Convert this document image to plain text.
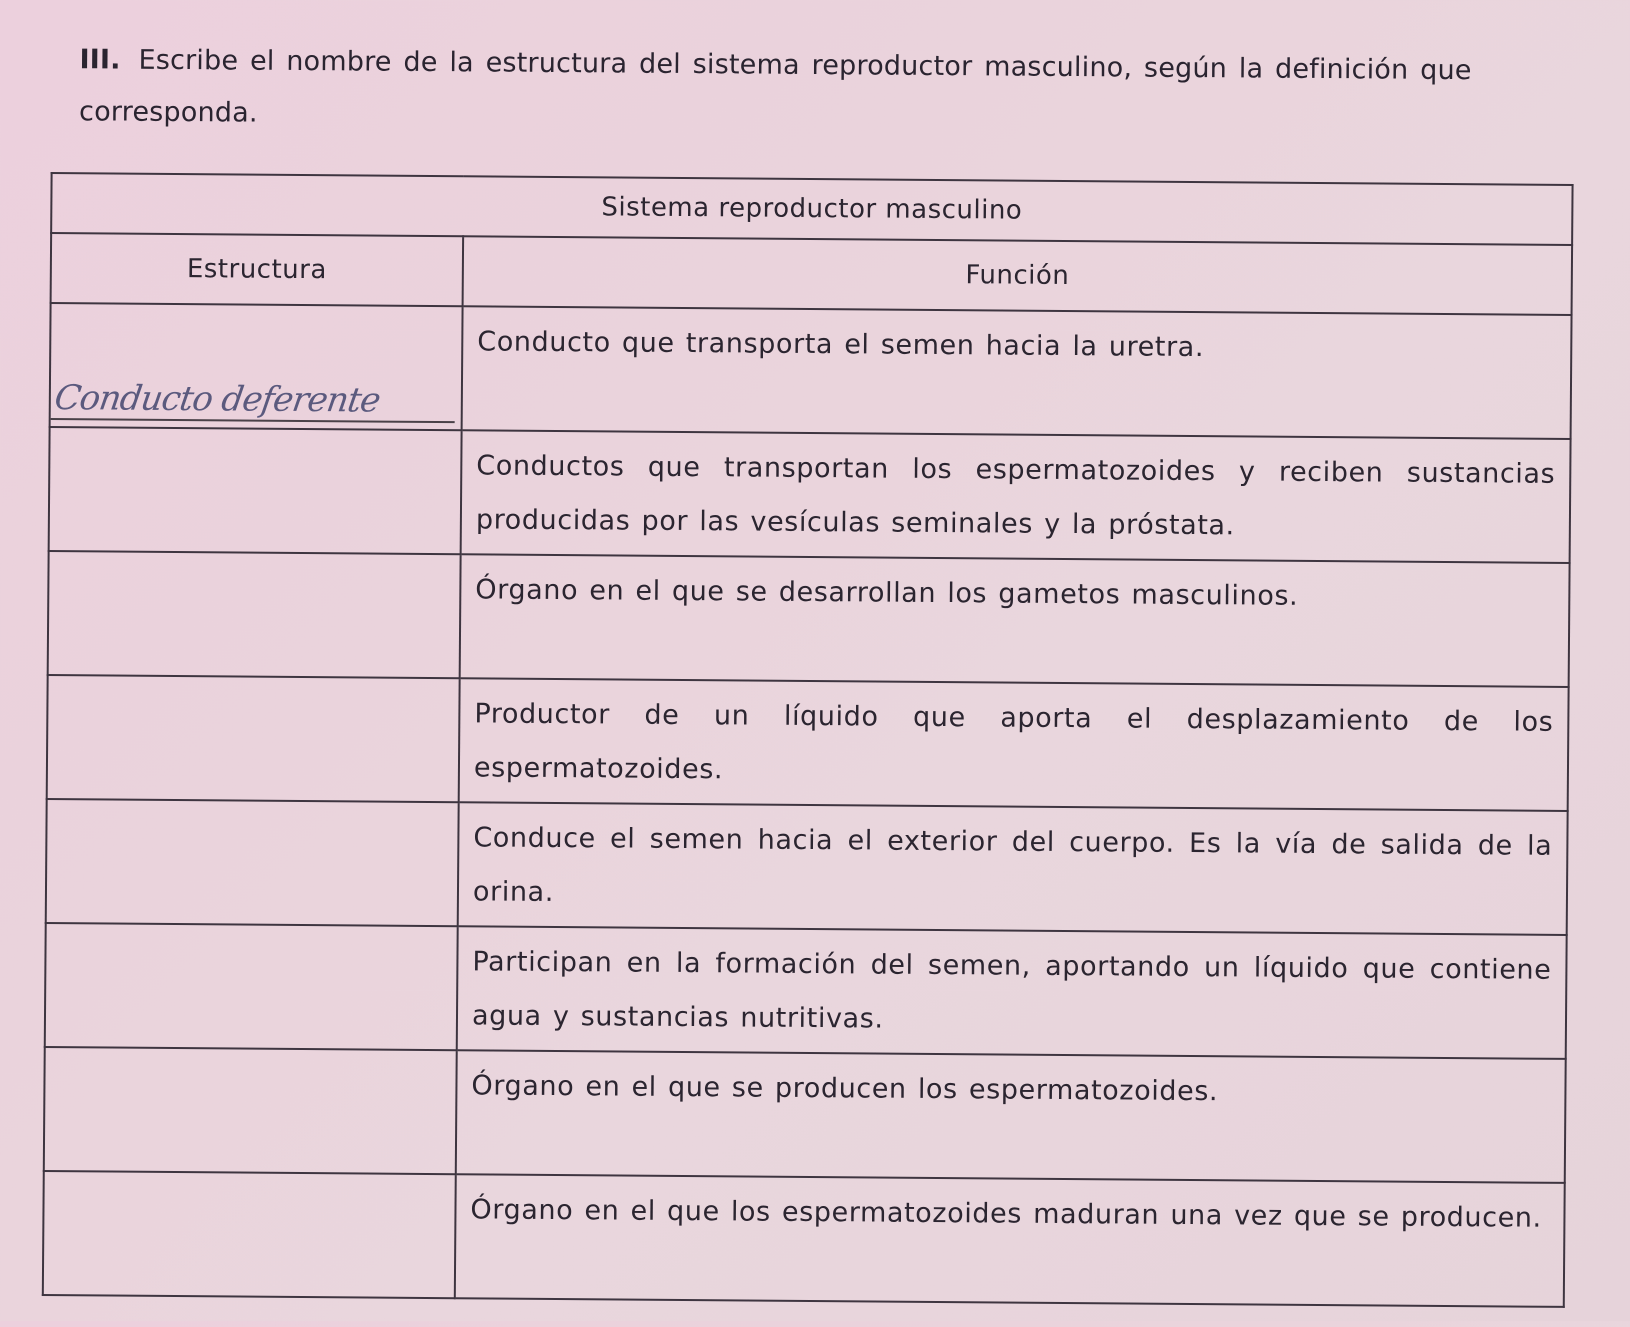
III. Escribe el nombre de la estructura del sistema reproductor masculino, según la definición que corresponda.
Sistema reproductor masculino	
Estructura	Función

Conducto deferente	Conducto que transporta el semen hacia la uretra.

	Conductos que transportan los espermatozoides y reciben sustancias producidas por las vesículas seminales y la próstata.

	Órgano en el que se desarrollan los gametos masculinos.

	Productor de un líquido que aporta el desplazamiento de los espermatozoides.

	Conduce el semen hacia el exterior del cuerpo. Es la vía de salida de la orina.

	Participan en la formación del semen, aportando un líquido que contiene agua y sustancias nutritivas.

	Órgano en el que se producen los espermatozoides.

	Órgano en el que los espermatozoides maduran una vez que se producen.
